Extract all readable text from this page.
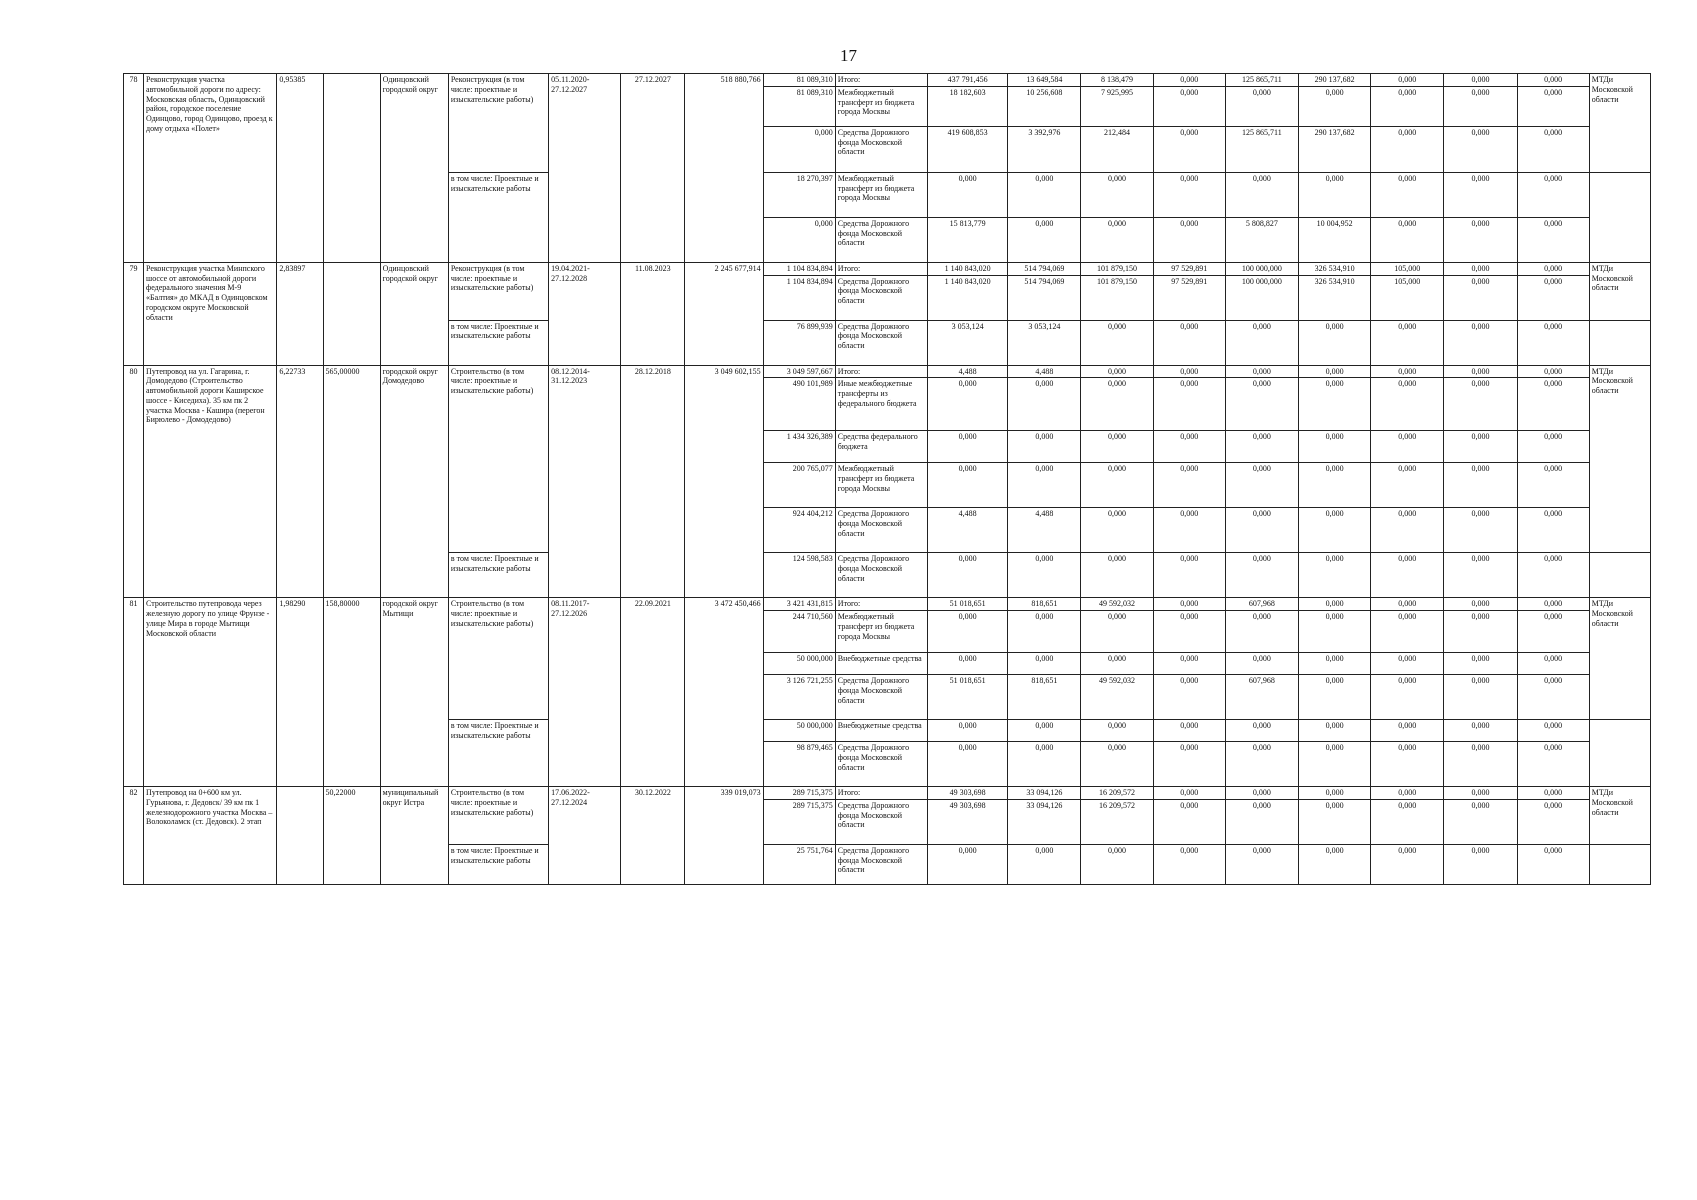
17
78	Реконструкция участка автомобильной дороги по адресу: Московская область, Одинцовский район, городское поселение Одинцово, город Одинцово, проезд к дому отдыха «Полет»	0,95385		Одинцовский городской округ	Реконструкция (в том числе: проектные и изыскательские работы)	05.11.2020-27.12.2027	27.12.2027	518 880,766	81 089,310	Итого:	437 791,456	13 649,584	8 138,479	0,000	125 865,711	290 137,682	0,000	0,000	0,000	МТДи Московской области
									81 089,310	Межбюджетный трансферт из бюджета города Москвы	18 182,603	10 256,608	7 925,995	0,000	0,000	0,000	0,000	0,000	0,000	
									0,000	Средства Дорожного фонда Московской области	419 608,853	3 392,976	212,484	0,000	125 865,711	290 137,682	0,000	0,000	0,000	
					в том числе: Проектные и изыскательские работы				18 270,397	Межбюджетный трансферт из бюджета города Москвы	0,000	0,000	0,000	0,000	0,000	0,000	0,000	0,000	0,000	
									0,000	Средства Дорожного фонда Московской области	15 813,779	0,000	0,000	0,000	5 808,827	10 004,952	0,000	0,000	0,000	
79	Реконструкция участка Минпского шоссе от автомобильной дороги федерального значения М-9 «Балтия» до МКАД в Одинцовском городском округе Московской области	2,83897		Одинцовский городской округ	Реконструкция (в том числе: проектные и изыскательские работы)	19.04.2021-27.12.2028	11.08.2023	2 245 677,914	1 104 834,894	Итого:	1 140 843,020	514 794,069	101 879,150	97 529,891	100 000,000	326 534,910	105,000	0,000	0,000	МТДи Московской области
									1 104 834,894	Средства Дорожного фонда Московской области	1 140 843,020	514 794,069	101 879,150	97 529,891	100 000,000	326 534,910	105,000	0,000	0,000	
					в том числе: Проектные и изыскательские работы				76 899,939	Средства Дорожного фонда Московской области	3 053,124	3 053,124	0,000	0,000	0,000	0,000	0,000	0,000	0,000	
80	Путепровод на ул. Гагарина, г. Домодедово (Строительство автомобильной дороги Каширское шоссе - Киседиха). 35 км пк 2 участка Москва - Кашира (перегон Бирюлево - Домодедово)	6,22733	565,00000	городской округ Домодедово	Строительство (в том числе: проектные и изыскательские работы)	08.12.2014-31.12.2023	28.12.2018	3 049 602,155	3 049 597,667	Итого:	4,488	4,488	0,000	0,000	0,000	0,000	0,000	0,000	0,000	МТДи Московской области
									490 101,989	Иные межбюджетные трансферты из федерального бюджета	0,000	0,000	0,000	0,000	0,000	0,000	0,000	0,000	0,000	
									1 434 326,389	Средства федерального бюджета	0,000	0,000	0,000	0,000	0,000	0,000	0,000	0,000	0,000	
									200 765,077	Межбюджетный трансферт из бюджета города Москвы	0,000	0,000	0,000	0,000	0,000	0,000	0,000	0,000	0,000	
									924 404,212	Средства Дорожного фонда Московской области	4,488	4,488	0,000	0,000	0,000	0,000	0,000	0,000	0,000	
					в том числе: Проектные и изыскательские работы				124 598,583	Средства Дорожного фонда Московской области	0,000	0,000	0,000	0,000	0,000	0,000	0,000	0,000	0,000	
81	Строительство путепровода через железную дорогу по улице Фрунзе - улице Мира в городе Мытищи Московской области	1,98290	158,80000	городской округ Мытищи	Строительство (в том числе: проектные и изыскательские работы)	08.11.2017-27.12.2026	22.09.2021	3 472 450,466	3 421 431,815	Итого:	51 018,651	818,651	49 592,032	0,000	607,968	0,000	0,000	0,000	0,000	МТДи Московской области
									244 710,560	Межбюджетный трансферт из бюджета города Москвы	0,000	0,000	0,000	0,000	0,000	0,000	0,000	0,000	0,000	
									50 000,000	Внебюджетные средства	0,000	0,000	0,000	0,000	0,000	0,000	0,000	0,000	0,000	
									3 126 721,255	Средства Дорожного фонда Московской области	51 018,651	818,651	49 592,032	0,000	607,968	0,000	0,000	0,000	0,000	
					в том числе: Проектные и изыскательские работы				50 000,000	Внебюджетные средства	0,000	0,000	0,000	0,000	0,000	0,000	0,000	0,000	0,000	
									98 879,465	Средства Дорожного фонда Московской области	0,000	0,000	0,000	0,000	0,000	0,000	0,000	0,000	0,000	
82	Путепровод на 0+600 км ул. Гурьянова, г. Дедовск/ 39 км пк 1 железнодорожного участка Москва – Волоколамск (ст. Дедовск). 2 этап		50,22000	муниципальный округ Истра	Строительство (в том числе: проектные и изыскательские работы)	17.06.2022-27.12.2024	30.12.2022	339 019,073	289 715,375	Итого:	49 303,698	33 094,126	16 209,572	0,000	0,000	0,000	0,000	0,000	0,000	МТДи Московской области
									289 715,375	Средства Дорожного фонда Московской области	49 303,698	33 094,126	16 209,572	0,000	0,000	0,000	0,000	0,000	0,000	
					в том числе: Проектные и изыскательские работы				25 751,764	Средства Дорожного фонда Московской области	0,000	0,000	0,000	0,000	0,000	0,000	0,000	0,000	0,000	
